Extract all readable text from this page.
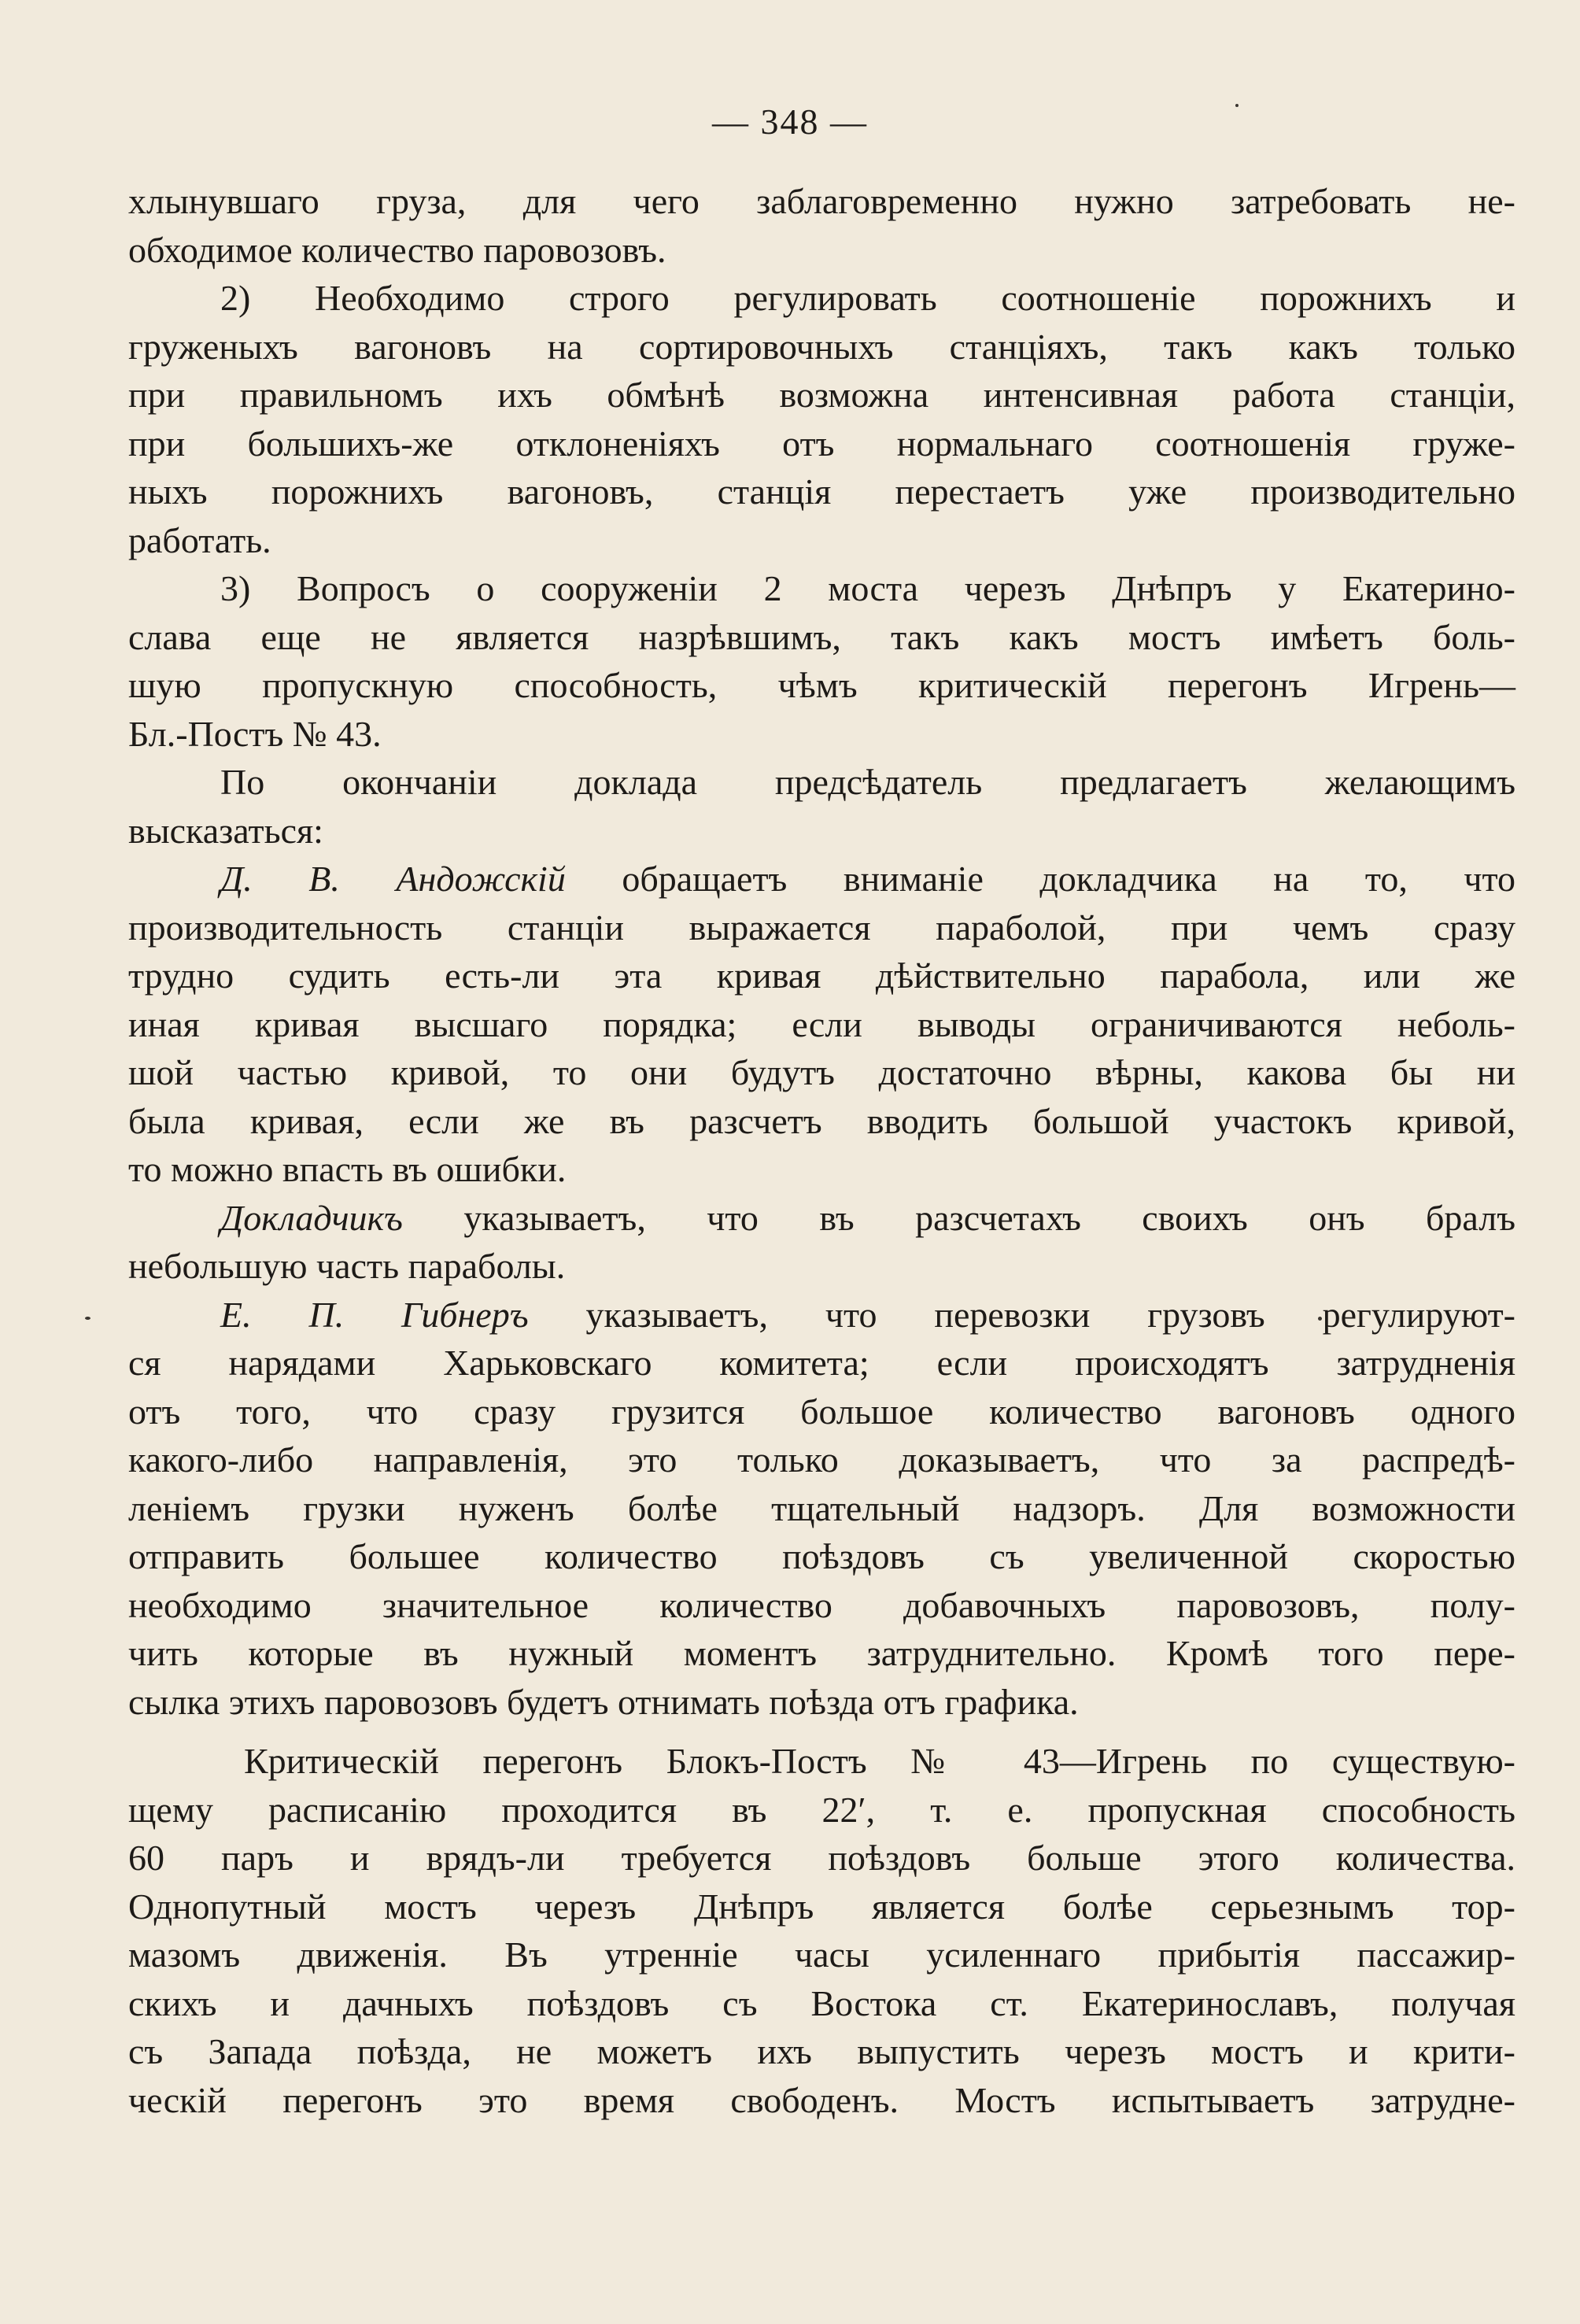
— 348 —
хлынувшаго груза, для чего заблаговременно нужно затребовать не-
обходимое количество паровозовъ.
2) Необходимо строго регулировать соотношеніе порожнихъ и
груженыхъ вагоновъ на сортировочныхъ станціяхъ, такъ какъ только
при правильномъ ихъ обмѣнѣ возможна интенсивная работа станціи,
при большихъ-же отклоненіяхъ отъ нормальнаго соотношенія груже-
ныхъ порожнихъ вагоновъ, станція перестаетъ уже производительно
работать.
3) Вопросъ о сооруженіи 2 моста черезъ Днѣпръ у Екатерино-
слава еще не является назрѣвшимъ, такъ какъ мостъ имѣетъ боль-
шую пропускную способность, чѣмъ критическій перегонъ Игрень—
Бл.-Постъ № 43.
По окончаніи доклада предсѣдатель предлагаетъ желающимъ
высказаться:
Д. В. Андожскій обращаетъ вниманіе докладчика на то, что
производительность станціи выражается параболой, при чемъ сразу
трудно судить есть-ли эта кривая дѣйствительно парабола, или же
иная кривая высшаго порядка; если выводы ограничиваются неболь-
шой частью кривой, то они будутъ достаточно вѣрны, какова бы ни
была кривая, если же въ разсчетъ вводить большой участокъ кривой,
то можно впасть въ ошибки.
Докладчикъ указываетъ, что въ разсчетахъ своихъ онъ бралъ
небольшую часть параболы.
Е. П. Гибнеръ указываетъ, что перевозки грузовъ регулируют-
ся нарядами Харьковскаго комитета; если происходятъ затрудненія
отъ того, что сразу грузится большое количество вагоновъ одного
какого-либо направленія, это только доказываетъ, что за распредѣ-
леніемъ грузки нуженъ болѣе тщательный надзоръ. Для возможности
отправить большее количество поѣздовъ съ увеличенной скоростью
необходимо значительное количество добавочныхъ паровозовъ, полу-
чить которые въ нужный моментъ затруднительно. Кромѣ того пере-
сылка этихъ паровозовъ будетъ отнимать поѣзда отъ графика.
Критическій перегонъ Блокъ-Постъ № 43—Игрень по существую-
щему расписанію проходится въ 22′, т. е. пропускная способность
60 паръ и врядъ-ли требуется поѣздовъ больше этого количества.
Однопутный мостъ черезъ Днѣпръ является болѣе серьезнымъ тор-
мазомъ движенія. Въ утренніе часы усиленнаго прибытія пассажир-
скихъ и дачныхъ поѣздовъ съ Востока ст. Екатеринославъ, получая
съ Запада поѣзда, не можетъ ихъ выпустить черезъ мостъ и крити-
ческій перегонъ это время свободенъ. Мостъ испытываетъ затрудне-
